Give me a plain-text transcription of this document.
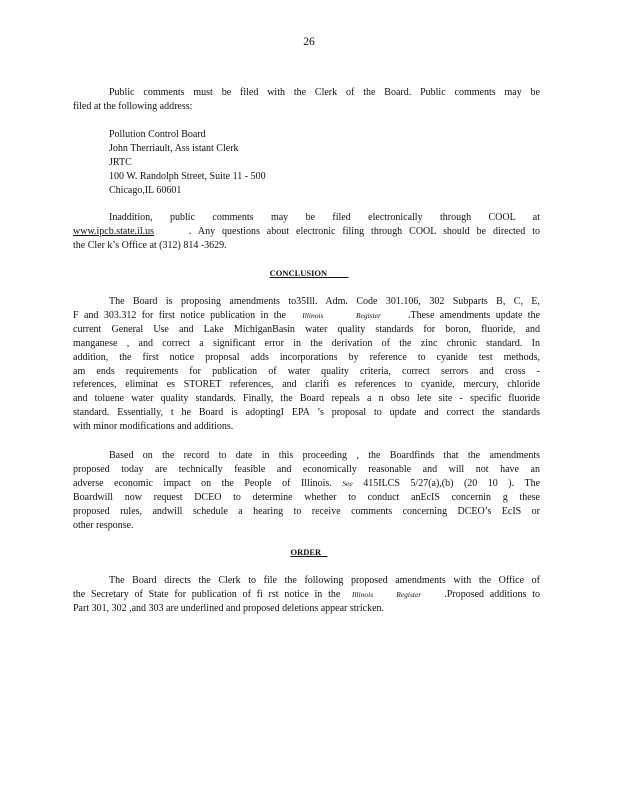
26
Public comments must be filed with the Clerk of the Board. Public comments may be
filed at the following address:
Pollution Control Board
John Therriault, Ass istant Clerk
JRTC
100 W. Randolph Street, Suite 11 - 500
Chicago,IL 60601
Inaddition, public comments may be filed electronically through COOL at
www.ipcb.state.il.us	. Any questions about electronic filing through COOL should be directed to
the Cler k’s Office at (312) 814 -3629.
CONCLUSION
The Board is proposing amendments to35Ill. Adm. Code 301.106, 302 Subparts B, C, E,
F and 303.312 for first notice publication in the Illinois	Register	.These amendments update the
current General Use and Lake MichiganBasin water quality standards for boron, fluoride, and
manganese , and correct a significant error in the derivation of the zinc chronic standard. In
addition, the first notice proposal adds incorporations by reference to cyanide test methods,
am ends requirements for publication of water quality criteria, correct serrors and cross -
references, eliminat es STORET references, and clarifi es references to cyanide, mercury, chloride
and toluene water quality standards. Finally, the Board repeals a n obso lete site - specific fluoride
standard. Essentially, t he Board is adoptingI EPA ’s proposal to update and correct the standards
with minor modifications and additions.
Based on the record to date in this proceeding , the Boardfinds that the amendments
proposed today are technically feasible and economically reasonable and will not have an
adverse economic impact on the People of Illinois. See 415ILCS 5/27(a),(b) (20 10 ). The
Boardwill now request DCEO to determine whether to conduct anEcIS concernin g these
proposed rules, andwill schedule a hearing to receive comments concerning DCEO’s EcIS or
other response.
ORDER
The Board directs the Clerk to file the following proposed amendments with the Office of
the Secretary of State for publication of fi rst notice in the Illinois	Register .Proposed additions to
Part 301, 302 ,and 303 are underlined and proposed deletions appear stricken.
